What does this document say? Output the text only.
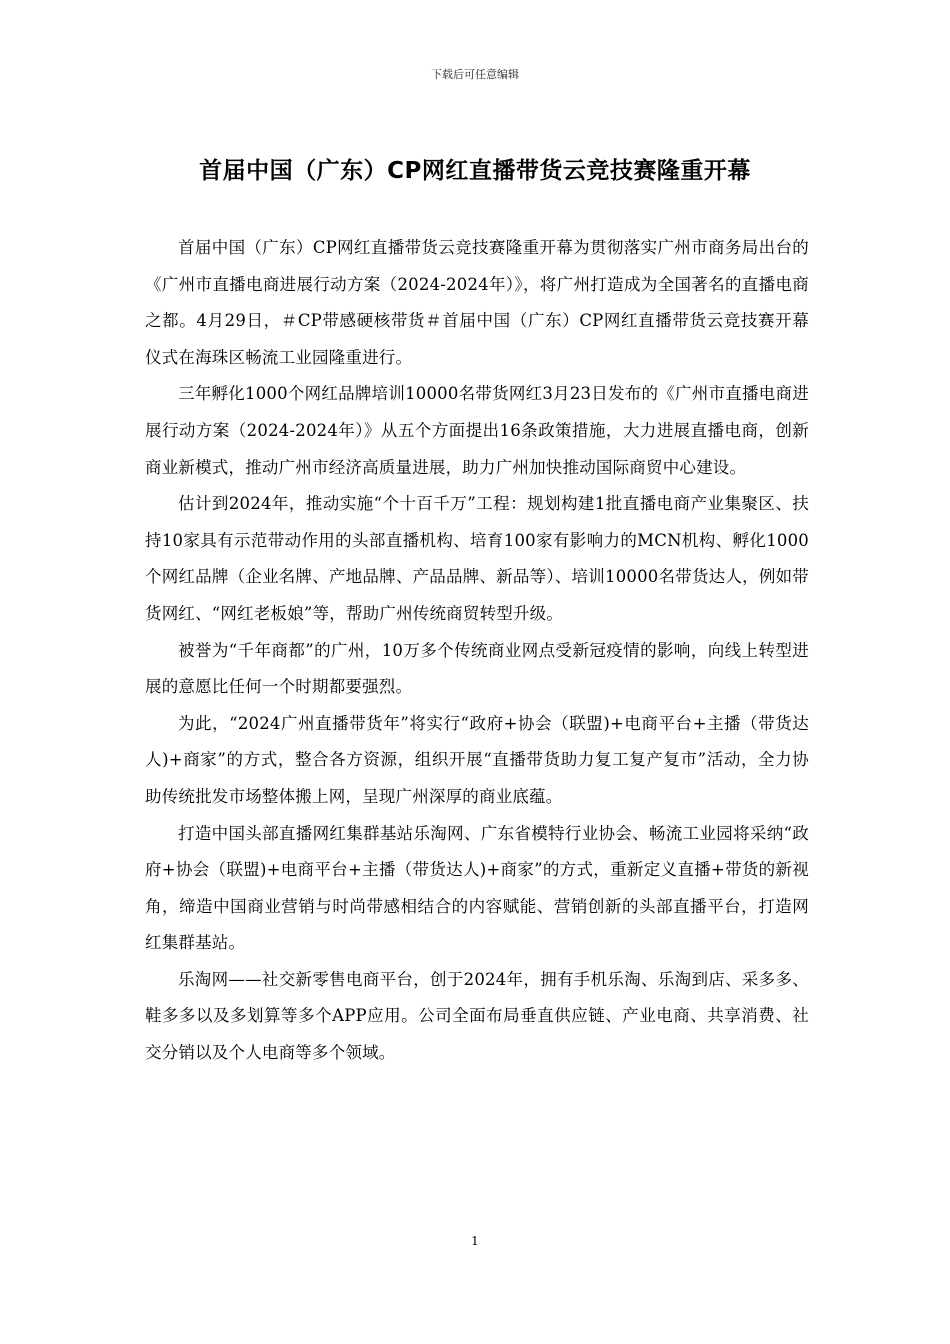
下载后可任意编辑
首届中国（广东）CP网红直播带货云竞技赛隆重开幕

首届中国（广东）CP网红直播带货云竞技赛隆重开幕为贯彻落实广州市商务局出台的《广州市直播电商进展行动方案（2024-2024年）》，将广州打造成为全国著名的直播电商之都。4月29日，＃CP带感硬核带货＃首届中国（广东）CP网红直播带货云竞技赛开幕仪式在海珠区畅流工业园隆重进行。

三年孵化1000个网红品牌培训10000名带货网红3月23日发布的《广州市直播电商进展行动方案（2024-2024年）》从五个方面提出16条政策措施，大力进展直播电商，创新商业新模式，推动广州市经济高质量进展，助力广州加快推动国际商贸中心建设。

估计到2024年，推动实施“个十百千万”工程：规划构建1批直播电商产业集聚区、扶持10家具有示范带动作用的头部直播机构、培育100家有影响力的MCN机构、孵化1000个网红品牌（企业名牌、产地品牌、产品品牌、新品等）、培训10000名带货达人，例如带货网红、“网红老板娘”等，帮助广州传统商贸转型升级。

被誉为“千年商都”的广州，10万多个传统商业网点受新冠疫情的影响，向线上转型进展的意愿比任何一个时期都要强烈。

为此，“2024广州直播带货年”将实行“政府+协会（联盟)+电商平台+主播（带货达人)+商家”的方式，整合各方资源，组织开展“直播带货助力复工复产复市”活动，全力协助传统批发市场整体搬上网，呈现广州深厚的商业底蕴。

打造中国头部直播网红集群基站乐淘网、广东省模特行业协会、畅流工业园将采纳“政府+协会（联盟)+电商平台+主播（带货达人)+商家”的方式，重新定义直播+带货的新视角，缔造中国商业营销与时尚带感相结合的内容赋能、营销创新的头部直播平台，打造网红集群基站。

乐淘网——社交新零售电商平台，创于2024年，拥有手机乐淘、乐淘到店、采多多、鞋多多以及多划算等多个APP应用。公司全面布局垂直供应链、产业电商、共享消费、社交分销以及个人电商等多个领域。

1
